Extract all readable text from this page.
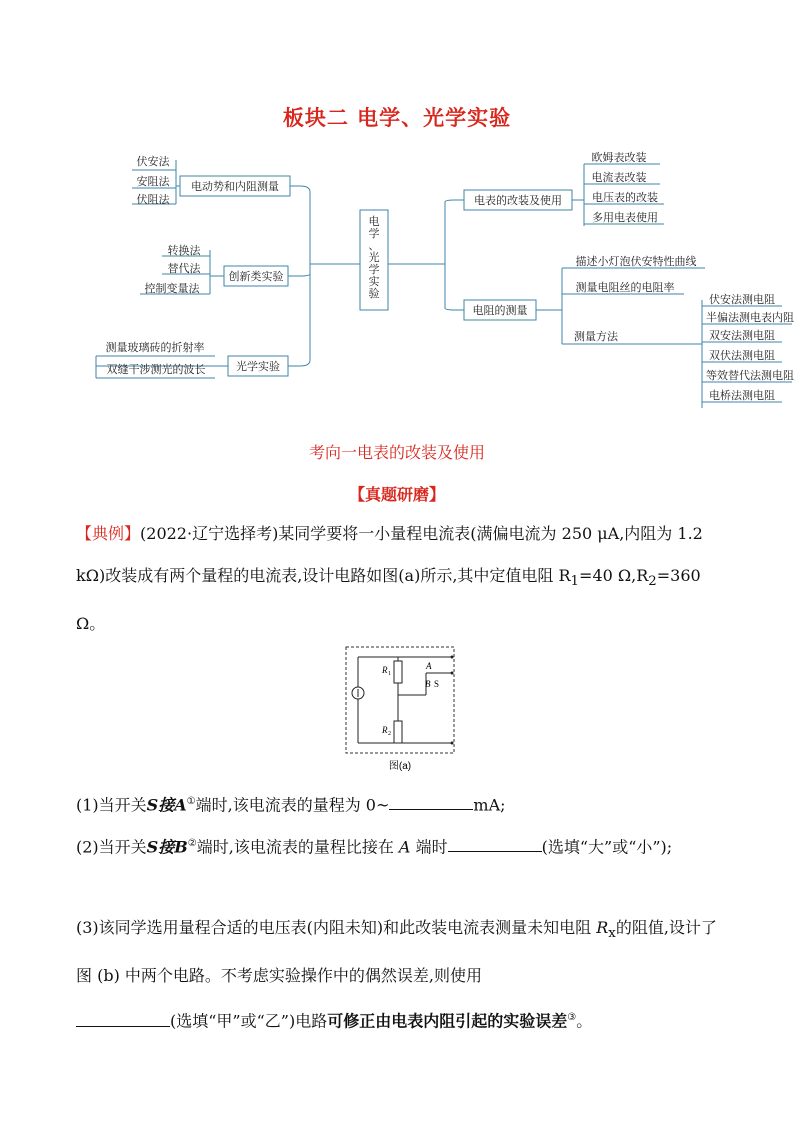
板块二 电学、光学实验
电学、光学实验
电动势和内阻测量
创新类实验
光学实验
伏安法
安阻法
伏阻法
转换法
替代法
控制变量法
测量玻璃砖的折射率
双缝干涉测光的波长
电表的改装及使用
电阻的测量
欧姆表改装
电流表改装
电压表的改装
多用电表使用
描述小灯泡伏安特性曲线
测量电阻丝的电阻率
测量方法
伏安法测电阻
半偏法测电表内阻
双安法测电阻
双伏法测电阻
等效替代法测电阻
电桥法测电阻
考向一电表的改装及使用
【真题研磨】
【典例】(2022·辽宁选择考)某同学要将一小量程电流表(满偏电流为 250 μA,内阻为 1.2 kΩ)改装成有两个量程的电流表,设计电路如图(a)所示,其中定值电阻 $R_1=40$ $\Omega,R_2=360$ Ω。
R 1
R 2
A
B S
图(a)
(1)当开关S接A①端时,该电流表的量程为 0~	mA;
(2)当开关S接B②端时,该电流表的量程比接在 A 端时	(选填“大”或“小”);
(3)该同学选用量程合适的电压表(内阻未知)和此改装电流表测量未知电阻 $R_x$的阻值,设计了图 (b) 中两个电路。不考虑实验操作中的偶然误差,则使用
(选填“甲”或“乙”)电路可修正由电表内阻引起的实验误差③。
